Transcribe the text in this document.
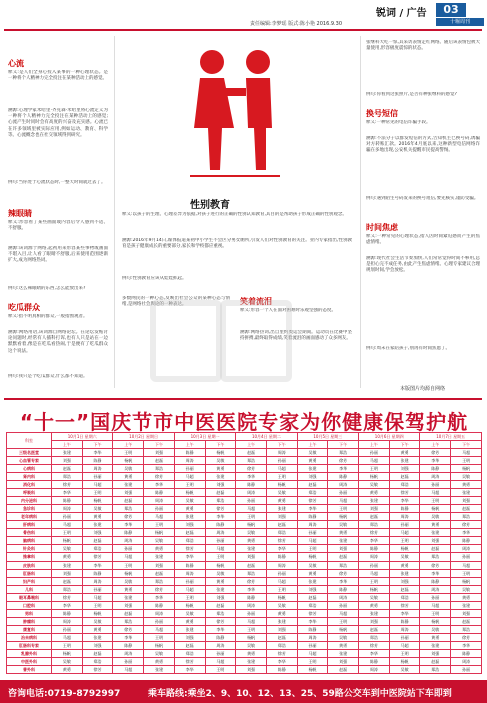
锐词 / 广告	03
十堰周刊
责任编辑:李梦瑶 版式:陈小艳 2016.9.30
心流
释义:是人们全身心投入某事的一种心理状态。是一种将个人精神力完全投注在某种活动上的感觉。
溯源:心理学家米哈里·齐克森·米哈里将心流定义为一种将个人精神力完全投注在某种活动上的感觉;心流产生时同时会有高度的兴奋及充实感。心流已在许多领域里被实际应用,例如运动、教育、科学等。心流概念也在社交领域得到研究。
例句:当你处于心流状态时,一整天时间就过去了。
辣眼睛
释义:形容看了某些画面或内容后令人感到不适、不舒服。
溯源:该词源于网络,起初用来形容某些事物或画面不堪入目,让人看了眼睛不舒服,后来使用范围逐渐扩大,成为网络热词。
例句:这么辣眼睛的东西,怎么能放出来?
吃瓜群众
释义:指不明真相的群众,一般指围观者。
溯源:网络用语,该词源自网络论坛。在论坛发帖讨论问题时,经常有人插科打诨,也有人只是站在一边默默看着,像是在吃瓜看热闹,于是便有了吃瓜群众这个说法。
例句:我只是个吃瓜群众,什么都不知道。
性别教育
释义:以孩子的生理、心理差异为依据,对孩子进行的正确的性别认知教育,其目的是帮助孩子形成正确的性别观念。
溯源:2016年9月14日,媒体报道某初中小学生不会区分男女厕所,引发人们对性别教育的关注。业内专家指出,性别教育是孩子健康成长的重要部分,家长和学校都应重视。
例句:性别教育应该从娃娃抓起。
多数网民的一种心态,反映出社会公众的某种心态与情绪,是网络社会舆论的一种表达。	笑着流泪
释义:形容一个人在面对困难时乐观坚强的态度。
溯源:网络热词,出自里约奥运会期间。运动员在比赛中坚持拼搏,最终取得成绩,笑着流泪的画面感动了众多网友。
张继科大吃一惊,其采访表情走红网络。随后该表情包被大量使用,形容极度震惊的状态。
例句:你看到这张照片,是否有种张继科的感觉?
换号短信
释义:一种常见的电信诈骗手段。
溯源:不法分子以群发短信的方式,告知机主已换号码,诱骗对方转账汇款。2016年4月底以来,这种新型电信网络诈骗在多地出现,公安机关提醒市民提高警惕。
例句:遇到陌生号码发来的换号短信,要先核实,谨防受骗。
时间焦虑
释义:一种常见的心理状态,指人因时间紧迫感而产生的焦虑情绪。
溯源:现代社会生活节奏加快,人们常常觉得时间不够用,总是担心完不成任务,由此产生焦虑情绪。心理专家建议合理规划时间,学会放松。
例句:周末在家陪孩子,别再有时间焦虑了。
本版图片均源自网络
“十一”国庆节市中医医院专家为你健康保驾护航
科室	10月1日 星期六		10月2日 星期日		10月3日 星期一		10月4日 星期二		10月5日 星期三		10月6日 星期四		10月7日 星期五	
	上午	下午	上午	下午	上午	下午	上午	下午	上午	下午	上午	下午	上午	下午
三级名医堂	张建	李华	王明	刘强	陈静	杨帆	赵磊	周涛	吴敏	郑浩	孙丽	黄勇	徐芳	马超
心血管专家	刘强	陈静	杨帆	赵磊	周涛	吴敏	郑浩	孙丽	黄勇	徐芳	马超	张建	李华	王明
心病科	赵磊	周涛	吴敏	郑浩	孙丽	黄勇	徐芳	马超	张建	李华	王明	刘强	陈静	杨帆
肾内科	郑浩	孙丽	黄勇	徐芳	马超	张建	李华	王明	刘强	陈静	杨帆	赵磊	周涛	吴敏
消化科	徐芳	马超	张建	李华	王明	刘强	陈静	杨帆	赵磊	周涛	吴敏	郑浩	孙丽	黄勇
呼吸科	李华	王明	刘强	陈静	杨帆	赵磊	周涛	吴敏	郑浩	孙丽	黄勇	徐芳	马超	张建
内分泌科	陈静	杨帆	赵磊	周涛	吴敏	郑浩	孙丽	黄勇	徐芳	马超	张建	李华	王明	刘强
急诊科	周涛	吴敏	郑浩	孙丽	黄勇	徐芳	马超	张建	李华	王明	刘强	陈静	杨帆	赵磊
老年病科	孙丽	黄勇	徐芳	马超	张建	李华	王明	刘强	陈静	杨帆	赵磊	周涛	吴敏	郑浩
肝病科	马超	张建	李华	王明	刘强	陈静	杨帆	赵磊	周涛	吴敏	郑浩	孙丽	黄勇	徐芳
骨伤科	王明	刘强	陈静	杨帆	赵磊	周涛	吴敏	郑浩	孙丽	黄勇	徐芳	马超	张建	李华
脑病科	杨帆	赵磊	周涛	吴敏	郑浩	孙丽	黄勇	徐芳	马超	张建	李华	王明	刘强	陈静
针灸科	吴敏	郑浩	孙丽	黄勇	徐芳	马超	张建	李华	王明	刘强	陈静	杨帆	赵磊	周涛
推拿科	黄勇	徐芳	马超	张建	李华	王明	刘强	陈静	杨帆	赵磊	周涛	吴敏	郑浩	孙丽
皮肤科	张建	李华	王明	刘强	陈静	杨帆	赵磊	周涛	吴敏	郑浩	孙丽	黄勇	徐芳	马超
肛肠科	刘强	陈静	杨帆	赵磊	周涛	吴敏	郑浩	孙丽	黄勇	徐芳	马超	张建	李华	王明
妇产科	赵磊	周涛	吴敏	郑浩	孙丽	黄勇	徐芳	马超	张建	李华	王明	刘强	陈静	杨帆
儿科	郑浩	孙丽	黄勇	徐芳	马超	张建	李华	王明	刘强	陈静	杨帆	赵磊	周涛	吴敏
眼耳鼻喉科	徐芳	马超	张建	李华	王明	刘强	陈静	杨帆	赵磊	周涛	吴敏	郑浩	孙丽	黄勇
口腔科	李华	王明	刘强	陈静	杨帆	赵磊	周涛	吴敏	郑浩	孙丽	黄勇	徐芳	马超	张建
男科	陈静	杨帆	赵磊	周涛	吴敏	郑浩	孙丽	黄勇	徐芳	马超	张建	李华	王明	刘强
肿瘤科	周涛	吴敏	郑浩	孙丽	黄勇	徐芳	马超	张建	李华	王明	刘强	陈静	杨帆	赵磊
康复科	孙丽	黄勇	徐芳	马超	张建	李华	王明	刘强	陈静	杨帆	赵磊	周涛	吴敏	郑浩
治未病科	马超	张建	李华	王明	刘强	陈静	杨帆	赵磊	周涛	吴敏	郑浩	孙丽	黄勇	徐芳
肛肠科专家	王明	刘强	陈静	杨帆	赵磊	周涛	吴敏	郑浩	孙丽	黄勇	徐芳	马超	张建	李华
乳腺外科	杨帆	赵磊	周涛	吴敏	郑浩	孙丽	黄勇	徐芳	马超	张建	李华	王明	刘强	陈静
中医外科	吴敏	郑浩	孙丽	黄勇	徐芳	马超	张建	李华	王明	刘强	陈静	杨帆	赵磊	周涛
普外科	黄勇	徐芳	马超	张建	李华	王明	刘强	陈静	杨帆	赵磊	周涛	吴敏	郑浩	孙丽
咨询电话:0719-8792997	乘车路线:乘坐2、9、10、12、13、25、59路公交车到中医院站下车即到
